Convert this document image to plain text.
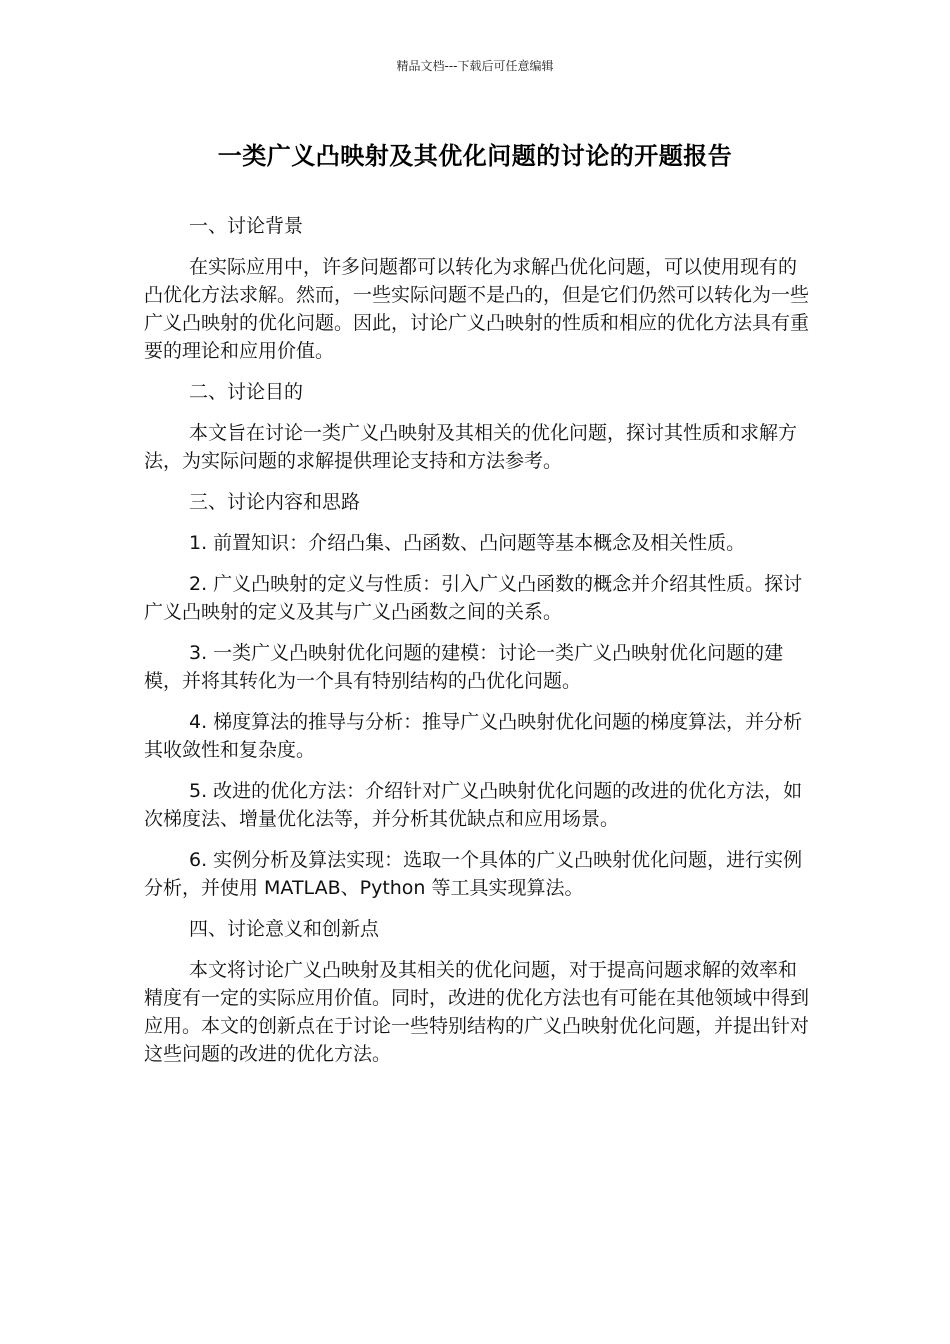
精品文档---下载后可任意编辑
一类广义凸映射及其优化问题的讨论的开题报告

一、讨论背景

在实际应用中，许多问题都可以转化为求解凸优化问题，可以使用现有的凸优化方法求解。然而，一些实际问题不是凸的，但是它们仍然可以转化为一些广义凸映射的优化问题。因此，讨论广义凸映射的性质和相应的优化方法具有重要的理论和应用价值。

二、讨论目的

本文旨在讨论一类广义凸映射及其相关的优化问题，探讨其性质和求解方法，为实际问题的求解提供理论支持和方法参考。

三、讨论内容和思路

1. 前置知识：介绍凸集、凸函数、凸问题等基本概念及相关性质。

2. 广义凸映射的定义与性质：引入广义凸函数的概念并介绍其性质。探讨广义凸映射的定义及其与广义凸函数之间的关系。

3. 一类广义凸映射优化问题的建模：讨论一类广义凸映射优化问题的建模，并将其转化为一个具有特别结构的凸优化问题。

4. 梯度算法的推导与分析：推导广义凸映射优化问题的梯度算法，并分析其收敛性和复杂度。

5. 改进的优化方法：介绍针对广义凸映射优化问题的改进的优化方法，如次梯度法、增量优化法等，并分析其优缺点和应用场景。

6. 实例分析及算法实现：选取一个具体的广义凸映射优化问题，进行实例分析，并使用 MATLAB、Python 等工具实现算法。

四、讨论意义和创新点

本文将讨论广义凸映射及其相关的优化问题，对于提高问题求解的效率和精度有一定的实际应用价值。同时，改进的优化方法也有可能在其他领域中得到应用。本文的创新点在于讨论一些特别结构的广义凸映射优化问题，并提出针对这些问题的改进的优化方法。
